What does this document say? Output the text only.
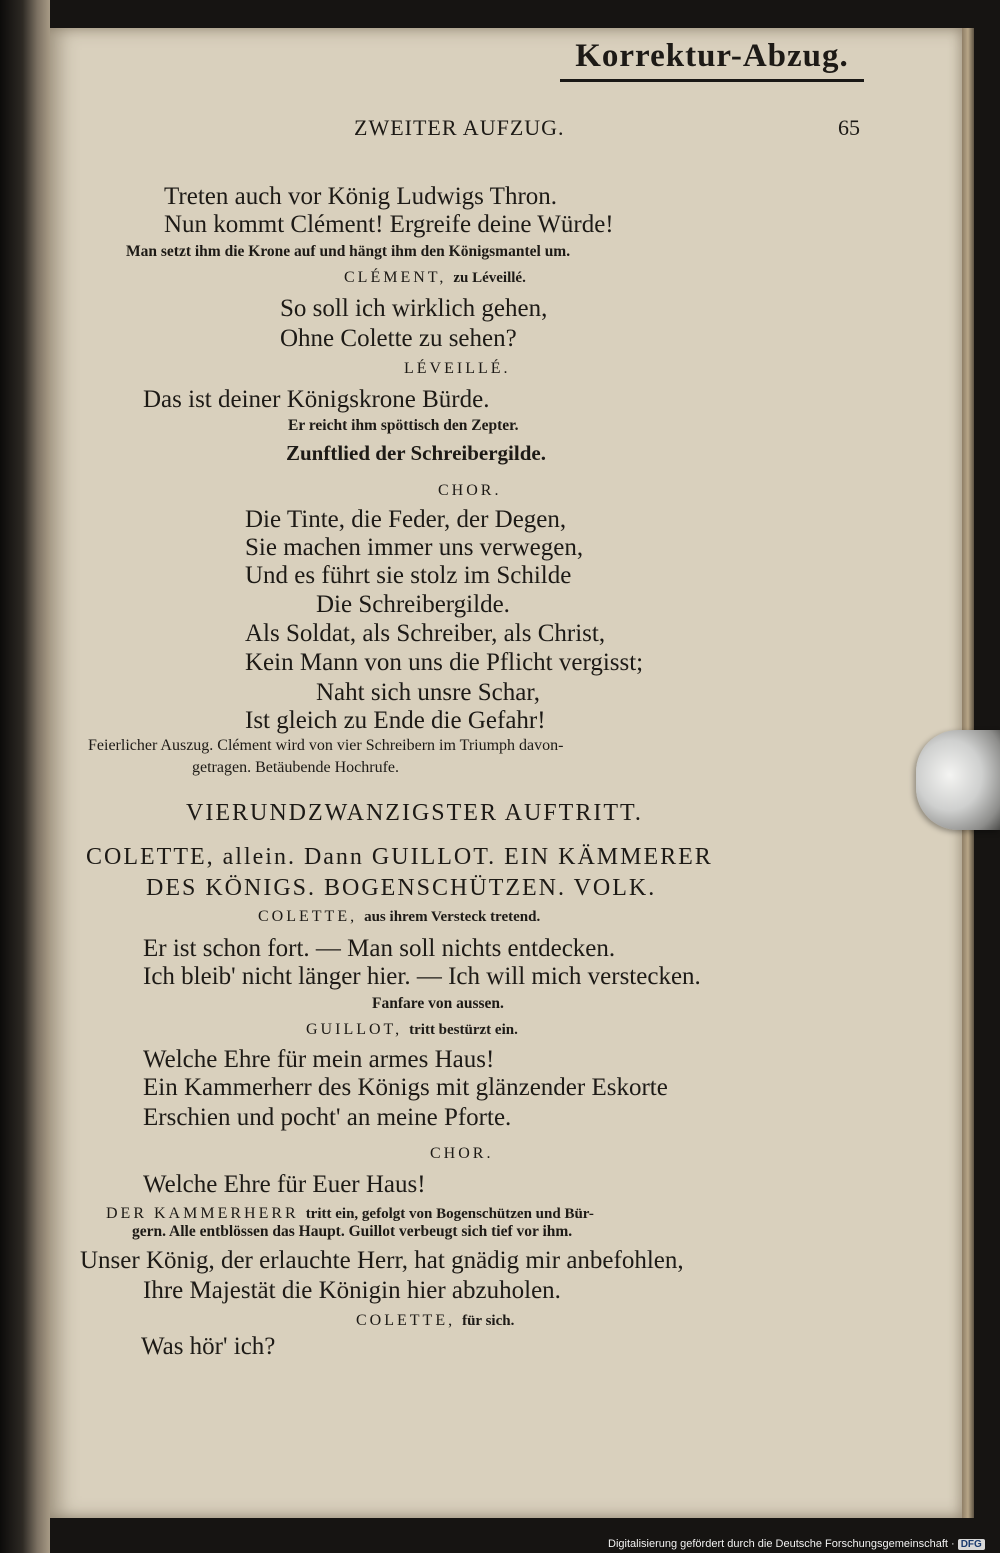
Korrektur-Abzug.
ZWEITER AUFZUG.	65
Treten auch vor König Ludwigs Thron.
Nun kommt Clément! Ergreife deine Würde!
Man setzt ihm die Krone auf und hängt ihm den Königsmantel um.
CLÉMENT, zu Léveillé.
So soll ich wirklich gehen,
Ohne Colette zu sehen?
LÉVEILLÉ.
Das ist deiner Königskrone Bürde.
Er reicht ihm spöttisch den Zepter.
Zunftlied der Schreibergilde.
CHOR.
Die Tinte, die Feder, der Degen,
Sie machen immer uns verwegen,
Und es führt sie stolz im Schilde
Die Schreibergilde.
Als Soldat, als Schreiber, als Christ,
Kein Mann von uns die Pflicht vergisst;
Naht sich unsre Schar,
Ist gleich zu Ende die Gefahr!
Feierlicher Auszug. Clément wird von vier Schreibern im Triumph davon-
getragen. Betäubende Hochrufe.
VIERUNDZWANZIGSTER AUFTRITT.
COLETTE, allein. Dann GUILLOT. EIN KÄMMERER
DES KÖNIGS. BOGENSCHÜTZEN. VOLK.
COLETTE, aus ihrem Versteck tretend.
Er ist schon fort. — Man soll nichts entdecken.
Ich bleib' nicht länger hier. — Ich will mich verstecken.
Fanfare von aussen.
GUILLOT, tritt bestürzt ein.
Welche Ehre für mein armes Haus!
Ein Kammerherr des Königs mit glänzender Eskorte
Erschien und pocht' an meine Pforte.
CHOR.
Welche Ehre für Euer Haus!
DER KAMMERHERR tritt ein, gefolgt von Bogenschützen und Bür-
gern. Alle entblössen das Haupt. Guillot verbeugt sich tief vor ihm.
Unser König, der erlauchte Herr, hat gnädig mir anbefohlen,
Ihre Majestät die Königin hier abzuholen.
COLETTE, für sich.
Was hör' ich?
Digitalisierung gefördert durch die Deutsche Forschungsgemeinschaft · DFG
